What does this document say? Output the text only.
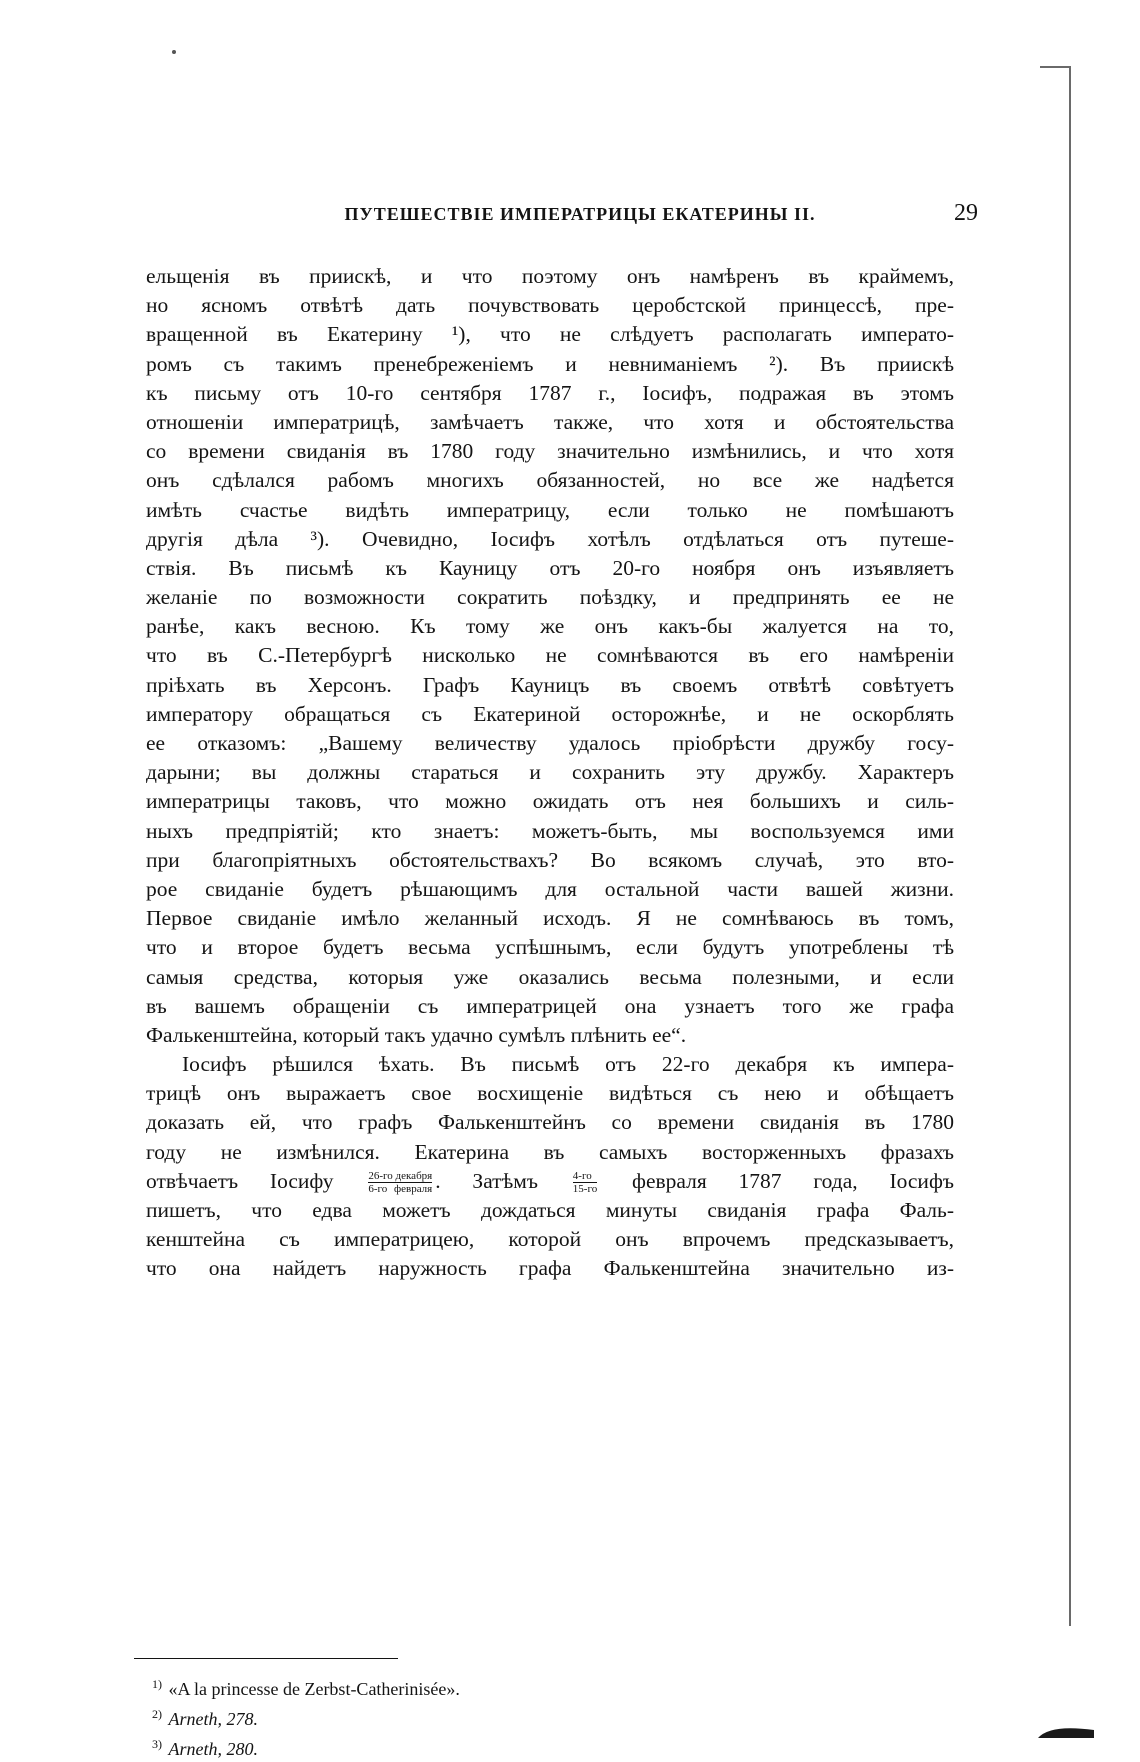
ПУТЕШЕСТВІЕ ИМПЕРАТРИЦЫ ЕКАТЕРИНЫ II.	29
ельщенія въ приискѣ, и что поэтому онъ намѣренъ въ краймемъ,
но ясномъ отвѣтѣ дать почувствовать церобстской принцессѣ, пре-
вращенной въ Екатерину ¹), что не слѣдуетъ располагать императо-
ромъ съ такимъ пренебреженіемъ и невниманіемъ ²). Въ приискѣ
къ письму отъ 10-го сентября 1787 г., Іосифъ, подражая въ этомъ
отношеніи императрицѣ, замѣчаетъ также, что хотя и обстоятельства
со времени свиданія въ 1780 году значительно измѣнились, и что хотя
онъ сдѣлался рабомъ многихъ обязанностей, но все же надѣется
имѣть счастье видѣть императрицу, если только не помѣшаютъ
другія дѣла ³). Очевидно, Іосифъ хотѣлъ отдѣлаться отъ путеше-
ствія. Въ письмѣ къ Кауницу отъ 20-го ноября онъ изъявляетъ
желаніе по возможности сократить поѣздку, и предпринять ее не
ранѣе, какъ весною. Къ тому же онъ какъ-бы жалуется на то,
что въ С.-Петербургѣ нисколько не сомнѣваются въ его намѣреніи
пріѣхать въ Херсонъ. Графъ Кауницъ въ своемъ отвѣтѣ совѣтуетъ
императору обращаться съ Екатериной осторожнѣе, и не оскорблять
ее отказомъ: „Вашему величеству удалось пріобрѣсти дружбу госу-
дарыни; вы должны стараться и сохранить эту дружбу. Характеръ
императрицы таковъ, что можно ожидать отъ нея большихъ и силь-
ныхъ предпріятій; кто знаетъ: можетъ-быть, мы воспользуемся ими
при благопріятныхъ обстоятельствахъ? Во всякомъ случаѣ, это вто-
рое свиданіе будетъ рѣшающимъ для остальной части вашей жизни.
Первое свиданіе имѣло желанный исходъ. Я не сомнѣваюсь въ томъ,
что и второе будетъ весьма успѣшнымъ, если будутъ употреблены тѣ
самыя средства, которыя уже оказались весьма полезными, и если
въ вашемъ обращеніи съ императрицей она узнаетъ того же графа
Фалькенштейна, который такъ удачно сумѣлъ плѣнить ее“.
Іосифъ рѣшился ѣхать. Въ письмѣ отъ 22-го декабря къ импера-
трицѣ онъ выражаетъ свое восхищеніе видѣться съ нею и обѣщаетъ
доказать ей, что графъ Фалькенштейнъ со времени свиданія въ 1780
году не измѣнился. Екатерина въ самыхъ восторженныхъ фразахъ
отвѣчаетъ Іосифу	$\frac{\text{26-го декабря}}{\text{6-го февраля}}$ . Затѣмъ	$\frac{4-го}{15-го}$ февраля 1787 года, Іосифъ
пишетъ, что едва можетъ дождаться минуты свиданія графа Фаль-
кенштейна съ императрицею, которой онъ впрочемъ предсказываетъ,
что она найдетъ наружность графа Фалькенштейна значительно из-
$^{1)}$ «A la princesse de Zerbst-Catherinisée».
$^{2)}$ Arneth, 278.
$^{3)}$ Arneth, 280.
